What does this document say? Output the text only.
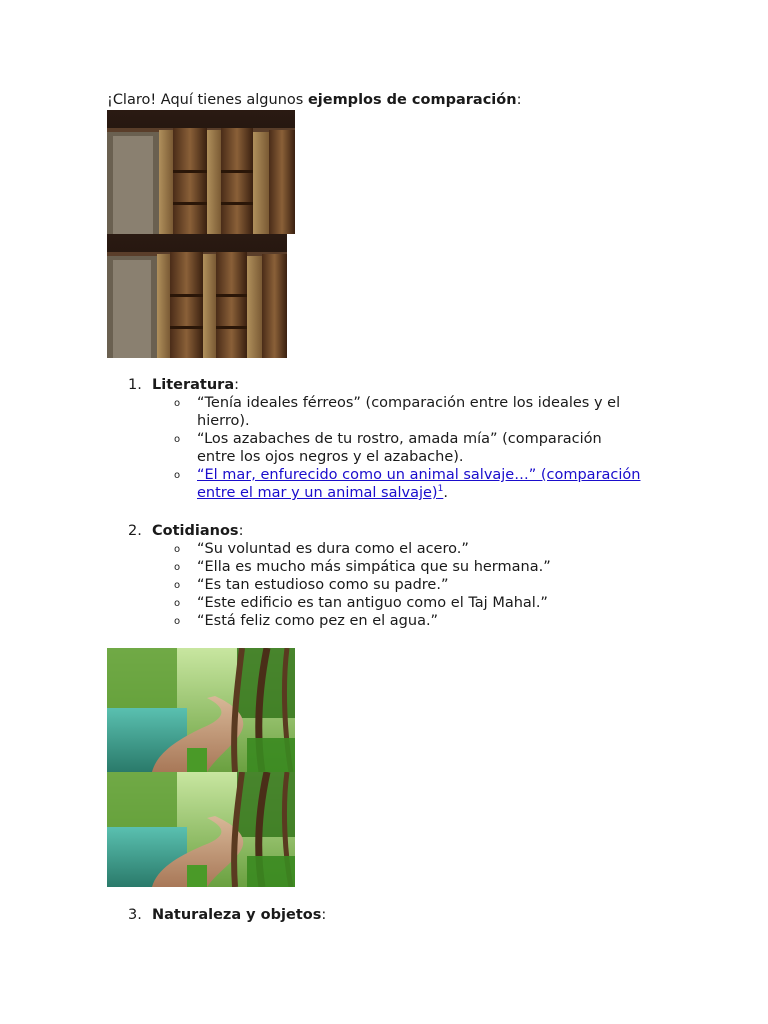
¡Claro! Aquí tienes algunos ejemplos de comparación:
1. Literatura:
o “Tenía ideales férreos” (comparación entre los ideales y el hierro).
o “Los azabaches de tu rostro, amada mía” (comparación entre los ojos negros y el azabache).
o “El mar, enfurecido como un animal salvaje…” (comparación entre el mar y un animal salvaje)$^1$.
2. Cotidianos:
o “Su voluntad es dura como el acero.”
o “Ella es mucho más simpática que su hermana.”
o “Es tan estudioso como su padre.”
o “Este edificio es tan antiguo como el Taj Mahal.”
o “Está feliz como pez en el agua.”
3. Naturaleza y objetos:
